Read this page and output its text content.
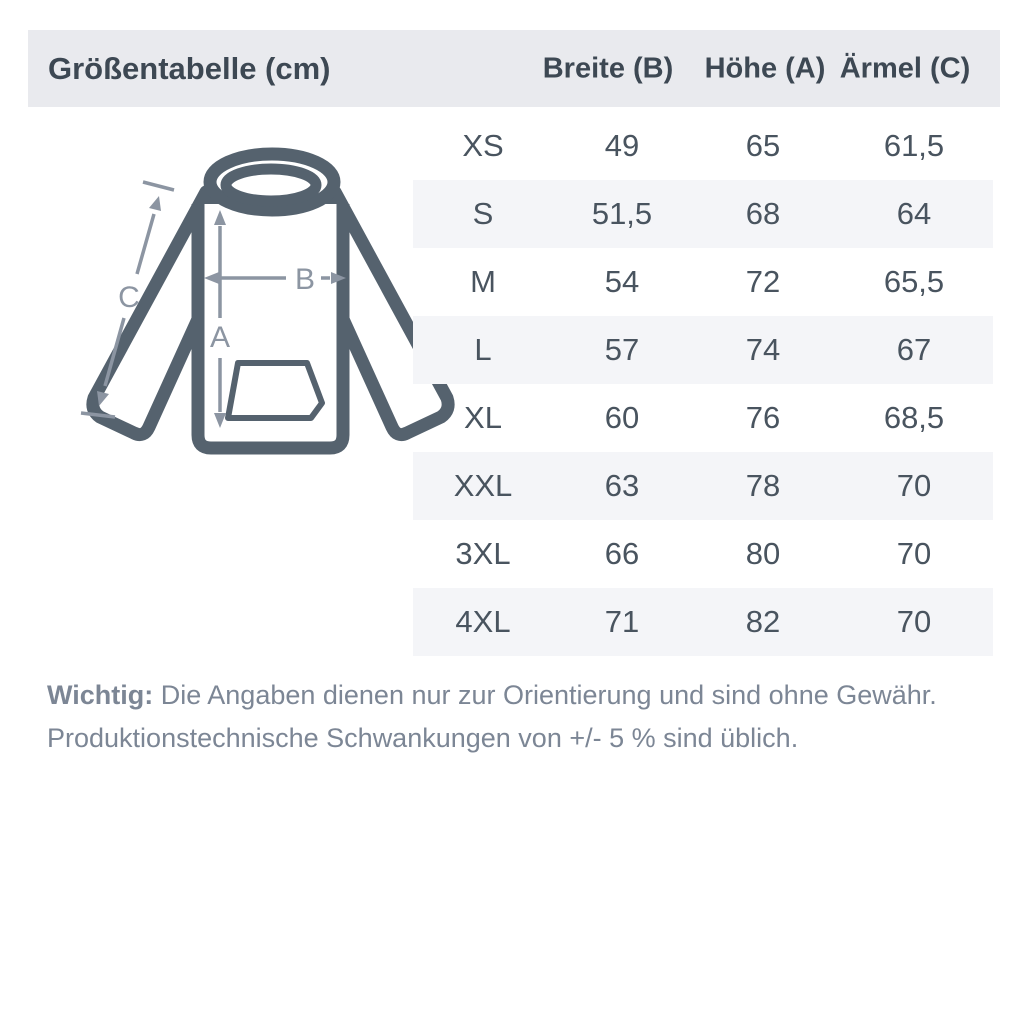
Größentabelle (cm)	Breite (B) Höhe (A) Ärmel (C)
A
B
C
XS	49	65	61,5
S	51,5	68	64
M	54	72	65,5
L	57	74	67
XL	60	76	68,5
XXL	63	78	70
3XL	66	80	70
4XL	71	82	70
Wichtig: Die Angaben dienen nur zur Orientierung und sind ohne Gewähr.
Produktionstechnische Schwankungen von +/- 5 % sind üblich.
